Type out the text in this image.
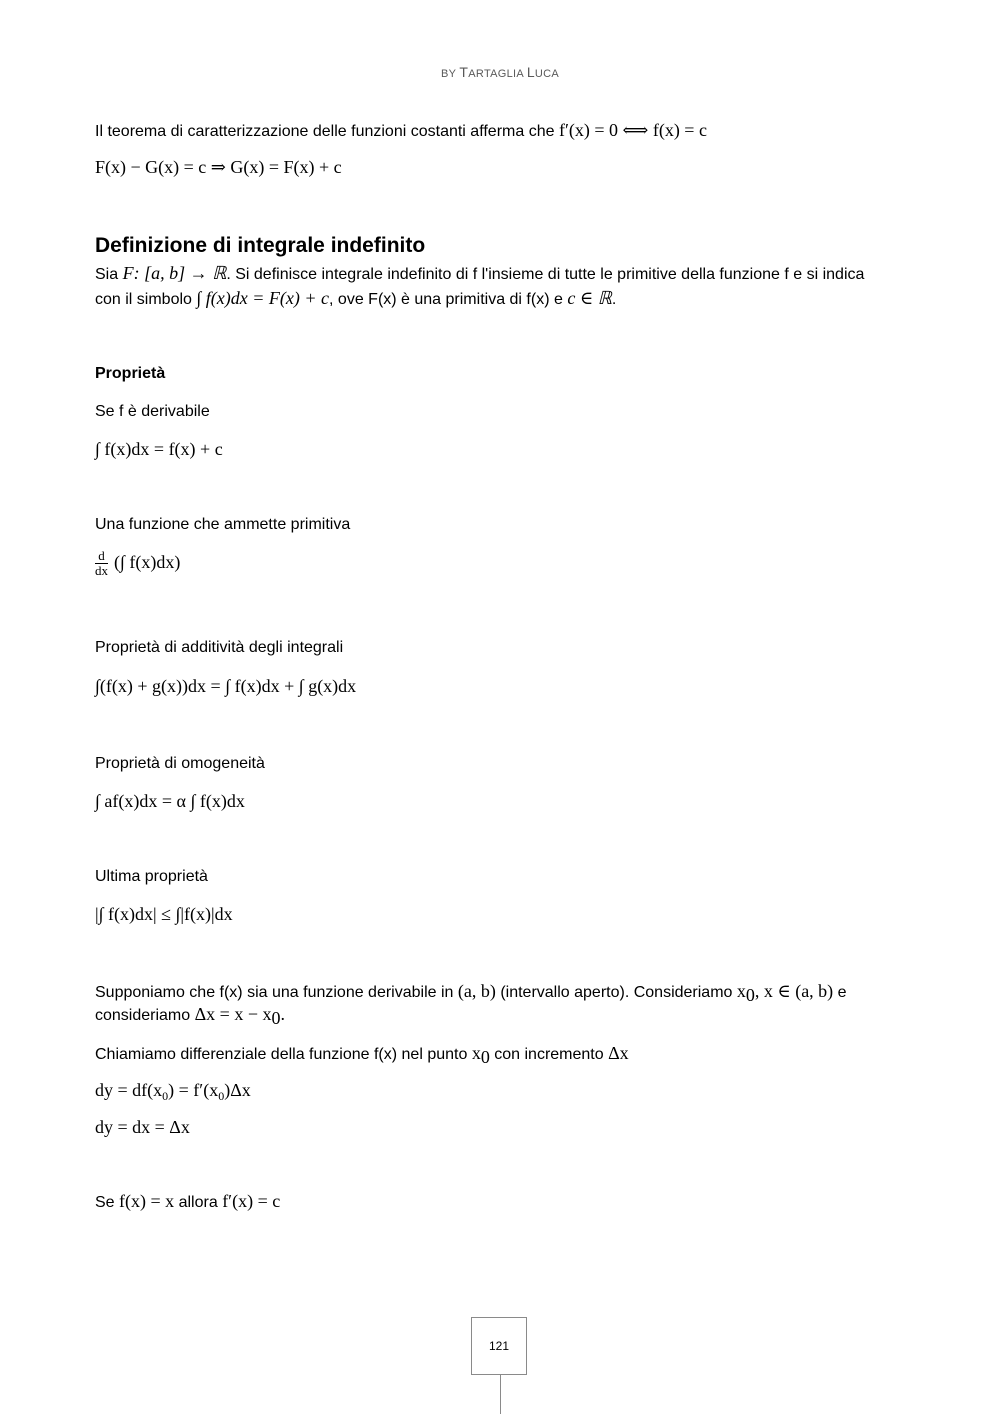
BY TARTAGLIA LUCA
Il teorema di caratterizzazione delle funzioni costanti afferma che f′(x) = 0 ⟺ f(x) = c
F(x) − G(x) = c ⇒ G(x) = F(x) + c
Definizione di integrale indefinito
Sia F: [a, b] → ℝ. Si definisce integrale indefinito di f l'insieme di tutte le primitive della funzione f e si indica
con il simbolo ∫ f(x)dx = F(x) + c, ove F(x) è una primitiva di f(x) e c ∈ ℝ.
Proprietà
Se f è derivabile
∫ f(x)dx = f(x) + c
Una funzione che ammette primitiva
$\frac{d}{dx}$ (∫ f(x)dx)
Proprietà di additività degli integrali
∫(f(x) + g(x))dx = ∫ f(x)dx + ∫ g(x)dx
Proprietà di omogeneità
∫ af(x)dx = α ∫ f(x)dx
Ultima proprietà
|∫ f(x)dx| ≤ ∫|f(x)|dx
Supponiamo che f(x) sia una funzione derivabile in (a, b) (intervallo aperto). Consideriamo $x_0$, x ∈ (a, b) e
consideriamo $\Delta x = x - x_0$.
Chiamiamo differenziale della funzione f(x) nel punto $x_0$ con incremento Δx
dy = $df(x_0) = f'(x_0)\Delta x$
dy = dx = Δx
Se f(x) = x allora f′(x) = c
121
